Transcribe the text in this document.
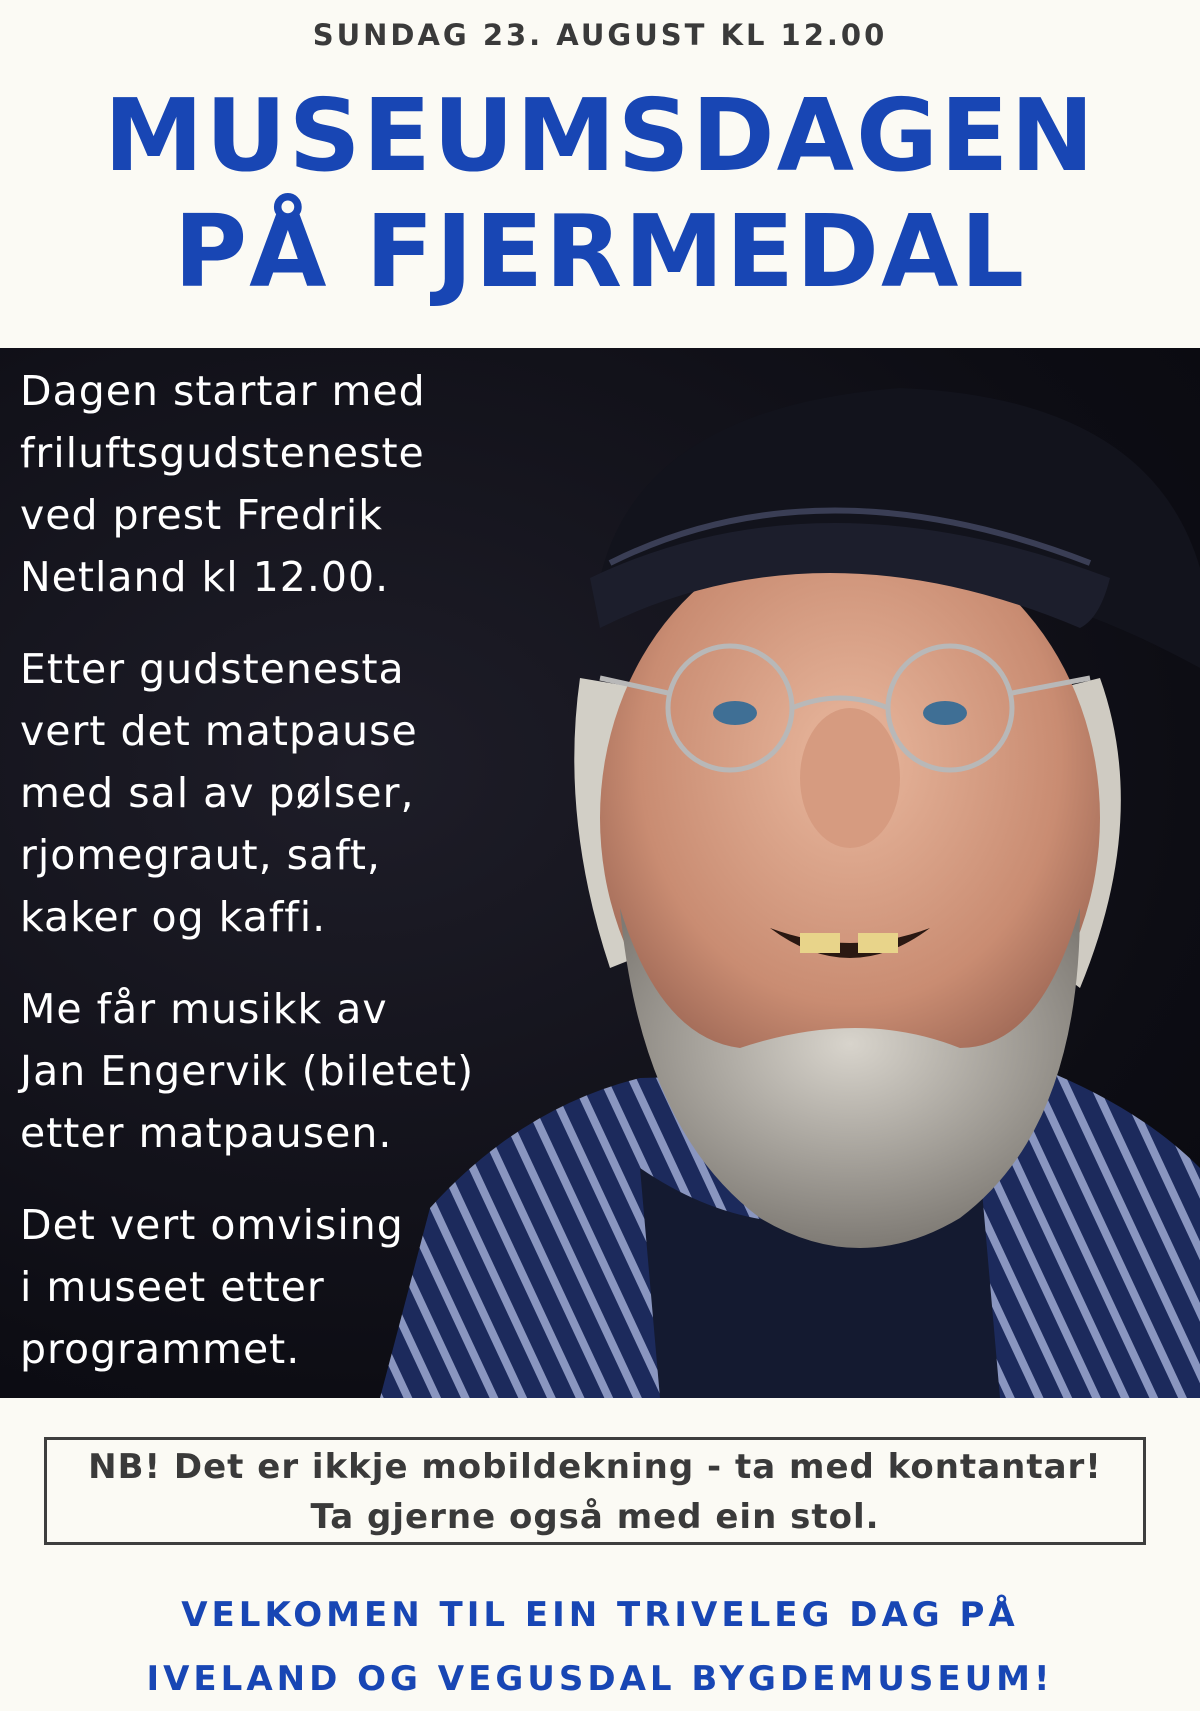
SUNDAG 23. AUGUST KL 12.00
MUSEUMSDAGEN
PÅ FJERMEDAL

Dagen startar med
friluftsgudsteneste
ved prest Fredrik
Netland kl 12.00.

Etter gudstenesta
vert det matpause
med sal av pølser,
rjomegraut, saft,
kaker og kaffi.

Me får musikk av
Jan Engervik (biletet)
etter matpausen.

Det vert omvising
i museet etter
programmet.

NB! Det er ikkje mobildekning - ta med kontantar!
Ta gjerne også med ein stol.
VELKOMEN TIL EIN TRIVELEG DAG PÅ
IVELAND OG VEGUSDAL BYGDEMUSEUM!
